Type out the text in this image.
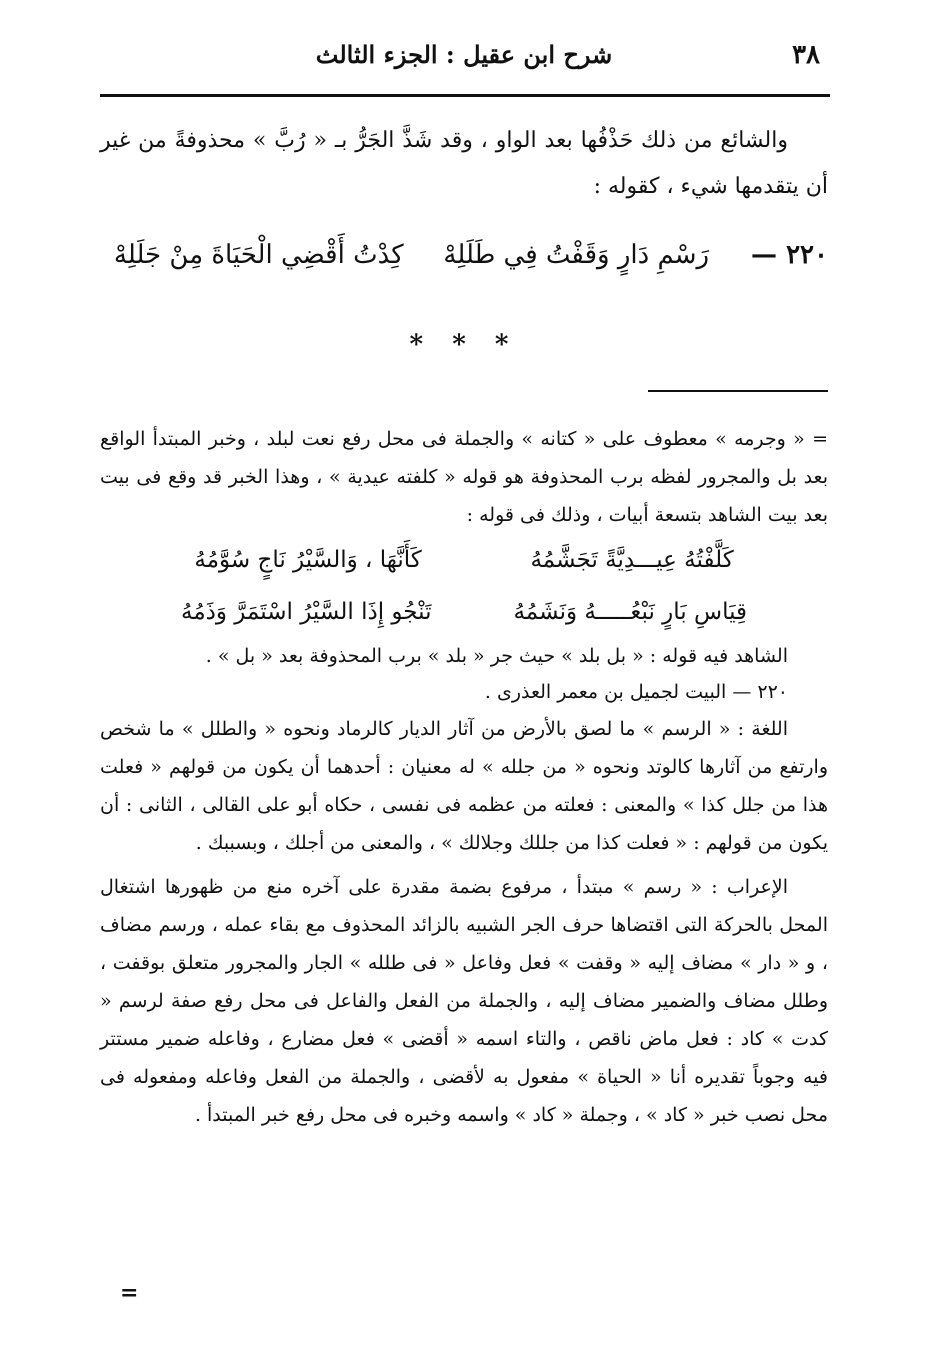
٣٨
شرح ابن عقيل : الجزء الثالث

والشائع من ذلك حَذْفُها بعد الواو ، وقد شَذَّ الجَرُّ بـ « رُبَّ » محذوفةً من غير أن يتقدمها شيء ، كقوله :

٢٢٠ —
رَسْمِ دَارٍ وَقَفْتُ فِي طَلَلِهْ
كِدْتُ أَقْضِي الْحَيَاةَ مِنْ جَلَلِهْ
* * *

= « وجرمه » معطوف على « كتانه » والجملة فى محل رفع نعت لبلد ، وخبر المبتدأ الواقع بعد بل والمجرور لفظه برب المحذوفة هو قوله « كلفته عيدية » ، وهذا الخبر قد وقع فى بيت بعد بيت الشاهد بتسعة أبيات ، وذلك فى قوله :

كَلَّفْتُهُ عِيـــدِيَّةً تَجَشَّمُهُ
كَأَنَّهَا ، وَالسَّيْرُ نَاجٍ سُوَّمُهُ
قِيَاسِ بَارٍ نَبْعُـــــهُ وَنَشَمُهُ
تَنْجُو إِذَا السَّيْرُ اسْتَمَرَّ وَذَمُهُ

الشاهد فيه قوله : « بل بلد » حيث جر « بلد » برب المحذوفة بعد « بل » .

٢٢٠ — البيت لجميل بن معمر العذرى .

اللغة : « الرسم » ما لصق بالأرض من آثار الديار كالرماد ونحوه « والطلل » ما شخص وارتفع من آثارها كالوتد ونحوه « من جلله » له معنيان : أحدهما أن يكون من قولهم « فعلت هذا من جلل كذا » والمعنى : فعلته من عظمه فى نفسى ، حكاه أبو على القالى ، الثانى : أن يكون من قولهم : « فعلت كذا من جللك وجلالك » ، والمعنى من أجلك ، وبسببك .

الإعراب : « رسم » مبتدأ ، مرفوع بضمة مقدرة على آخره منع من ظهورها اشتغال المحل بالحركة التى اقتضاها حرف الجر الشبيه بالزائد المحذوف مع بقاء عمله ، ورسم مضاف ، و « دار » مضاف إليه « وقفت » فعل وفاعل « فى طلله » الجار والمجرور متعلق بوقفت ، وطلل مضاف والضمير مضاف إليه ، والجملة من الفعل والفاعل فى محل رفع صفة لرسم « كدت » كاد : فعل ماض ناقص ، والتاء اسمه « أقضى » فعل مضارع ، وفاعله ضمير مستتر فيه وجوباً تقديره أنا « الحياة » مفعول به لأقضى ، والجملة من الفعل وفاعله ومفعوله فى محل نصب خبر « كاد » ، وجملة « كاد » واسمه وخبره فى محل رفع خبر المبتدأ .

=
